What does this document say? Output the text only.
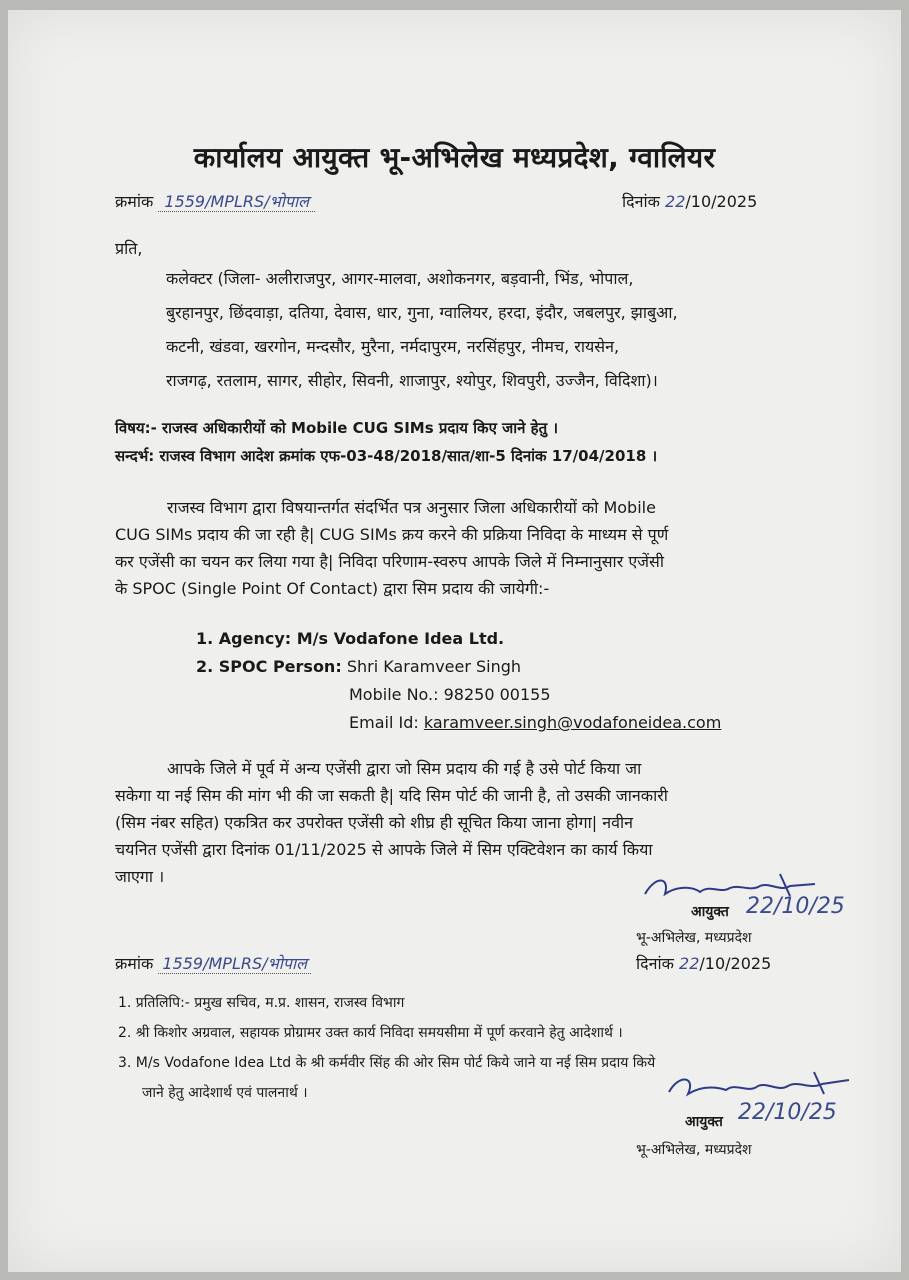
कार्यालय आयुक्त भू-अभिलेख मध्यप्रदेश, ग्वालियर
क्रमांक 1559/MPLRS/भोपाल	दिनांक 22/10/2025
प्रति,
कलेक्टर (जिला- अलीराजपुर, आगर-मालवा, अशोकनगर, बड़वानी, भिंड, भोपाल,
बुरहानपुर, छिंदवाड़ा, दतिया, देवास, धार, गुना, ग्वालियर, हरदा, इंदौर, जबलपुर, झाबुआ,
कटनी, खंडवा, खरगोन, मन्दसौर, मुरैना, नर्मदापुरम, नरसिंहपुर, नीमच, रायसेन,
राजगढ़, रतलाम, सागर, सीहोर, सिवनी, शाजापुर, श्योपुर, शिवपुरी, उज्जैन, विदिशा)।
विषय:- राजस्व अधिकारीयों को Mobile CUG SIMs प्रदाय किए जाने हेतु ।
सन्दर्भ: राजस्व विभाग आदेश क्रमांक एफ-03-48/2018/सात/शा-5 दिनांक 17/04/2018 ।
राजस्व विभाग द्वारा विषयान्तर्गत संदर्भित पत्र अनुसार जिला अधिकारीयों को Mobile
CUG SIMs प्रदाय की जा रही है| CUG SIMs क्रय करने की प्रक्रिया निविदा के माध्यम से पूर्ण
कर एजेंसी का चयन कर लिया गया है| निविदा परिणाम-स्वरुप आपके जिले में निम्नानुसार एजेंसी
के SPOC (Single Point Of Contact) द्वारा सिम प्रदाय की जायेगी:-
1. Agency: M/s Vodafone Idea Ltd.
2. SPOC Person: Shri Karamveer Singh
Mobile No.: 98250 00155
Email Id: karamveer.singh@vodafoneidea.com
आपके जिले में पूर्व में अन्य एजेंसी द्वारा जो सिम प्रदाय की गई है उसे पोर्ट किया जा
सकेगा या नई सिम की मांग भी की जा सकती है| यदि सिम पोर्ट की जानी है, तो उसकी जानकारी
(सिम नंबर सहित) एकत्रित कर उपरोक्त एजेंसी को शीघ्र ही सूचित किया जाना होगा| नवीन
चयनित एजेंसी द्वारा दिनांक 01/11/2025 से आपके जिले में सिम एक्टिवेशन का कार्य किया
जाएगा ।
आयुक्त 22/10/25
भू-अभिलेख, मध्यप्रदेश
क्रमांक 1559/MPLRS/भोपाल	दिनांक 22/10/2025
1. प्रतिलिपि:- प्रमुख सचिव, म.प्र. शासन, राजस्व विभाग
2. श्री किशोर अग्रवाल, सहायक प्रोग्रामर उक्त कार्य निविदा समयसीमा में पूर्ण करवाने हेतु आदेशार्थ ।
3. M/s Vodafone Idea Ltd के श्री कर्मवीर सिंह की ओर सिम पोर्ट किये जाने या नई सिम प्रदाय किये
जाने हेतु आदेशार्थ एवं पालनार्थ ।
आयुक्त 22/10/25
भू-अभिलेख, मध्यप्रदेश
